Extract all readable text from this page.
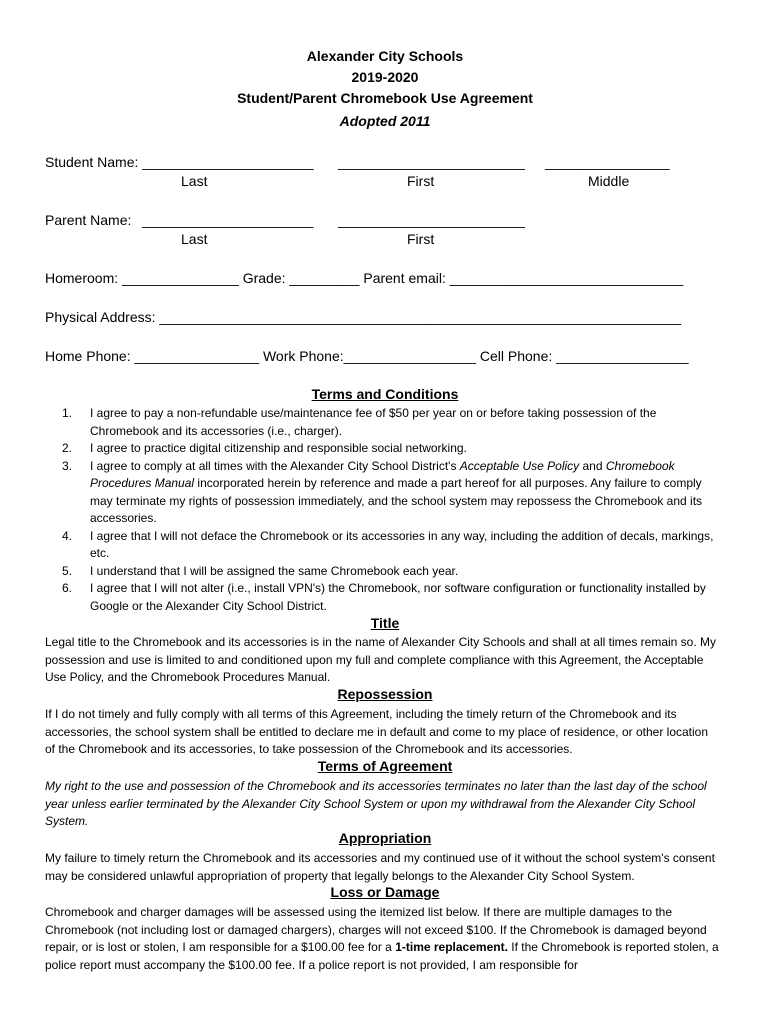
Alexander City Schools
2019-2020
Student/Parent Chromebook Use Agreement
Adopted 2011
Student Name: ______________________ ________________________ ________________
Last	First	Middle
Parent Name: ______________________ ________________________
Last	First
Homeroom: _______________ Grade: _________ Parent email: ______________________________
Physical Address: ___________________________________________________________________
Home Phone: ________________ Work Phone:_________________ Cell Phone: _________________
Terms and Conditions
1.	I agree to pay a non-refundable use/maintenance fee of $50 per year on or before taking possession of the Chromebook and its accessories (i.e., charger).
2.	I agree to practice digital citizenship and responsible social networking.
3.	I agree to comply at all times with the Alexander City School District's Acceptable Use Policy and Chromebook Procedures Manual incorporated herein by reference and made a part hereof for all purposes. Any failure to comply may terminate my rights of possession immediately, and the school system may repossess the Chromebook and its accessories.
4.	I agree that I will not deface the Chromebook or its accessories in any way, including the addition of decals, markings, etc.
5.	I understand that I will be assigned the same Chromebook each year.
6.	I agree that I will not alter (i.e., install VPN's) the Chromebook, nor software configuration or functionality installed by Google or the Alexander City School District.
Title
Legal title to the Chromebook and its accessories is in the name of Alexander City Schools and shall at all times remain so. My possession and use is limited to and conditioned upon my full and complete compliance with this Agreement, the Acceptable Use Policy, and the Chromebook Procedures Manual.
Repossession
If I do not timely and fully comply with all terms of this Agreement, including the timely return of the Chromebook and its accessories, the school system shall be entitled to declare me in default and come to my place of residence, or other location of the Chromebook and its accessories, to take possession of the Chromebook and its accessories.
Terms of Agreement
My right to the use and possession of the Chromebook and its accessories terminates no later than the last day of the school year unless earlier terminated by the Alexander City School System or upon my withdrawal from the Alexander City School System.
Appropriation
My failure to timely return the Chromebook and its accessories and my continued use of it without the school system's consent may be considered unlawful appropriation of property that legally belongs to the Alexander City School System.
Loss or Damage
Chromebook and charger damages will be assessed using the itemized list below. If there are multiple damages to the Chromebook (not including lost or damaged chargers), charges will not exceed $100. If the Chromebook is damaged beyond repair, or is lost or stolen, I am responsible for a $100.00 fee for a 1-time replacement. If the Chromebook is reported stolen, a police report must accompany the $100.00 fee. If a police report is not provided, I am responsible for
